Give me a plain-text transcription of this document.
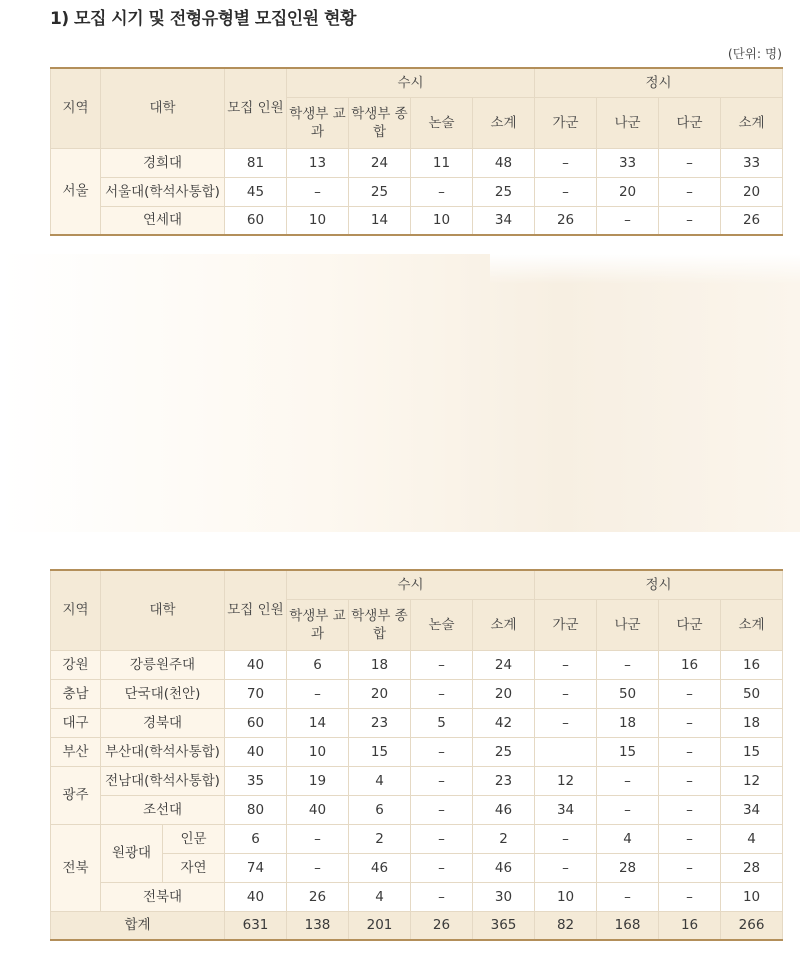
1) 모집 시기 및 전형유형별 모집인원 현황
(단위: 명)
지역	대학	모집 인원	수시				정시			
			학생부 교과	학생부 종합	논술	소계	가군	나군	다군	소계
서울	경희대	81	13	24	11	48	–	33	–	33
	서울대(학석사통합)	45	–	25	–	25	–	20	–	20
	연세대	60	10	14	10	34	26	–	–	26
지역	대학		모집 인원	수시				정시			
				학생부 교과	학생부 종합	논술	소계	가군	나군	다군	소계
강원	강릉원주대		40	6	18	–	24	–	–	16	16
충남	단국대(천안)		70	–	20	–	20	–	50	–	50
대구	경북대		60	14	23	5	42	–	18	–	18
부산	부산대(학석사통합)		40	10	15	–	25		15	–	15
광주	전남대(학석사통합)		35	19	4	–	23	12	–	–	12
	조선대		80	40	6	–	46	34	–	–	34
전북	원광대	인문	6	–	2	–	2	–	4	–	4
		자연	74	–	46	–	46	–	28	–	28
	전북대		40	26	4	–	30	10	–	–	10
합계			631	138	201	26	365	82	168	16	266
